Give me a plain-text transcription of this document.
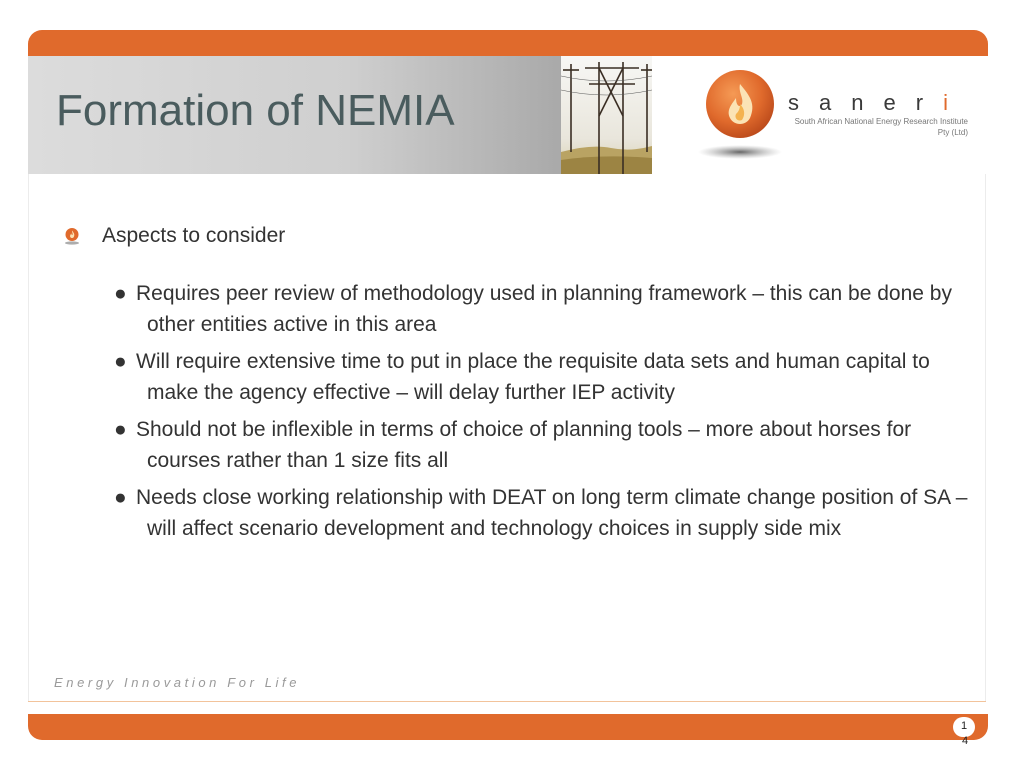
Formation of NEMIA	saneri
South African National Energy Research Institute
Pty (Ltd)
Aspects to consider
● Requires peer review of methodology used in planning framework – this can be done by other entities active in this area
● Will require extensive time to put in place the requisite data sets and human capital to make the agency effective – will delay further IEP activity
● Should not be inflexible in terms of choice of planning tools – more about horses for courses rather than 1 size fits all
● Needs close working relationship with DEAT on long term climate change position of SA – will affect scenario development and technology choices in supply side mix
Energy Innovation For Life
1
4
